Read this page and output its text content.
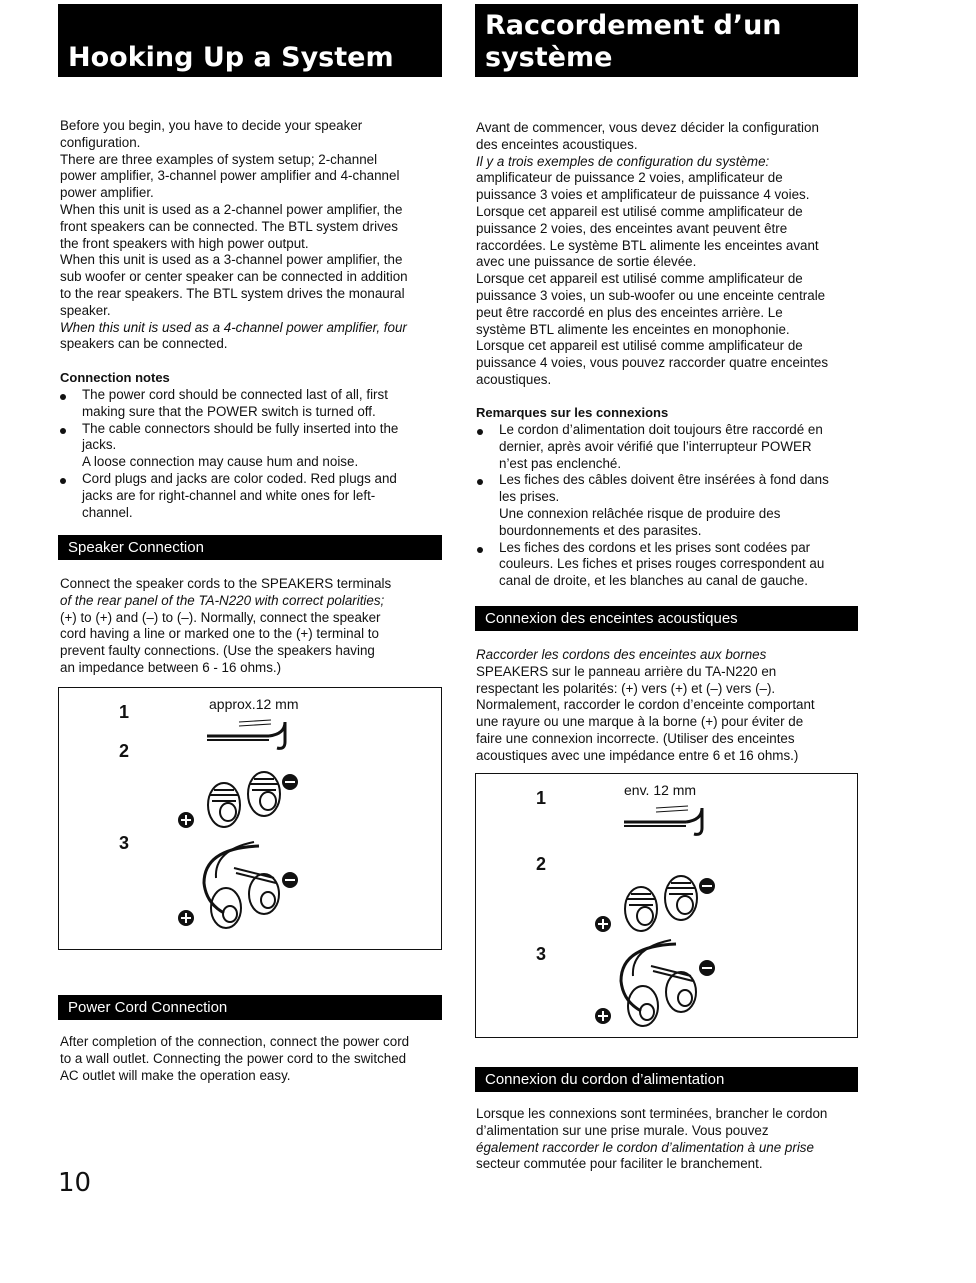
Hooking Up a System
Before you begin, you have to decide your speaker
configuration.
There are three examples of system setup; 2-channel
power amplifier, 3-channel power amplifier and 4-channel
power amplifier.
When this unit is used as a 2-channel power amplifier, the
front speakers can be connected. The BTL system drives
the front speakers with high power output.
When this unit is used as a 3-channel power amplifier, the
sub woofer or center speaker can be connected in addition
to the rear speakers. The BTL system drives the monaural
speaker.
When this unit is used as a 4-channel power amplifier, four
speakers can be connected.
Connection notes
The power cord should be connected last of all, first
making sure that the POWER switch is turned off.
The cable connectors should be fully inserted into the
jacks.
A loose connection may cause hum and noise.
Cord plugs and jacks are color coded. Red plugs and
jacks are for right-channel and white ones for left-
channel.
Speaker Connection
Connect the speaker cords to the SPEAKERS terminals
of the rear panel of the TA-N220 with correct polarities;
(+) to (+) and (–) to (–). Normally, connect the speaker
cord having a line or marked one to the (+) terminal to
prevent faulty connections. (Use the speakers having
an impedance between 6 - 16 ohms.)
1	approx.12 mm
2
3
Power Cord Connection
After completion of the connection, connect the power cord
to a wall outlet. Connecting the power cord to the switched
AC outlet will make the operation easy.
10
Raccordement d’un
système
Avant de commencer, vous devez décider la configuration
des enceintes acoustiques.
Il y a trois exemples de configuration du système:
amplificateur de puissance 2 voies, amplificateur de
puissance 3 voies et amplificateur de puissance 4 voies.
Lorsque cet appareil est utilisé comme amplificateur de
puissance 2 voies, des enceintes avant peuvent être
raccordées. Le système BTL alimente les enceintes avant
avec une puissance de sortie élevée.
Lorsque cet appareil est utilisé comme amplificateur de
puissance 3 voies, un sub-woofer ou une enceinte centrale
peut être raccordé en plus des enceintes arrière. Le
système BTL alimente les enceintes en monophonie.
Lorsque cet appareil est utilisé comme amplificateur de
puissance 4 voies, vous pouvez raccorder quatre enceintes
acoustiques.
Remarques sur les connexions
Le cordon d’alimentation doit toujours être raccordé en
dernier, après avoir vérifié que l’interrupteur POWER
n’est pas enclenché.
Les fiches des câbles doivent être insérées à fond dans
les prises.
Une connexion relâchée risque de produire des
bourdonnements et des parasites.
Les fiches des cordons et les prises sont codées par
couleurs. Les fiches et prises rouges correspondent au
canal de droite, et les blanches au canal de gauche.
Connexion des enceintes acoustiques
Raccorder les cordons des enceintes aux bornes
SPEAKERS sur le panneau arrière du TA-N220 en
respectant les polarités: (+) vers (+) et (–) vers (–).
Normalement, raccorder le cordon d’enceinte comportant
une rayure ou une marque à la borne (+) pour éviter de
faire une connexion incorrecte. (Utiliser des enceintes
acoustiques avec une impédance entre 6 et 16 ohms.)
1	env. 12 mm
2
3
Connexion du cordon d’alimentation
Lorsque les connexions sont terminées, brancher le cordon
d’alimentation sur une prise murale. Vous pouvez
également raccorder le cordon d’alimentation à une prise
secteur commutée pour faciliter le branchement.
